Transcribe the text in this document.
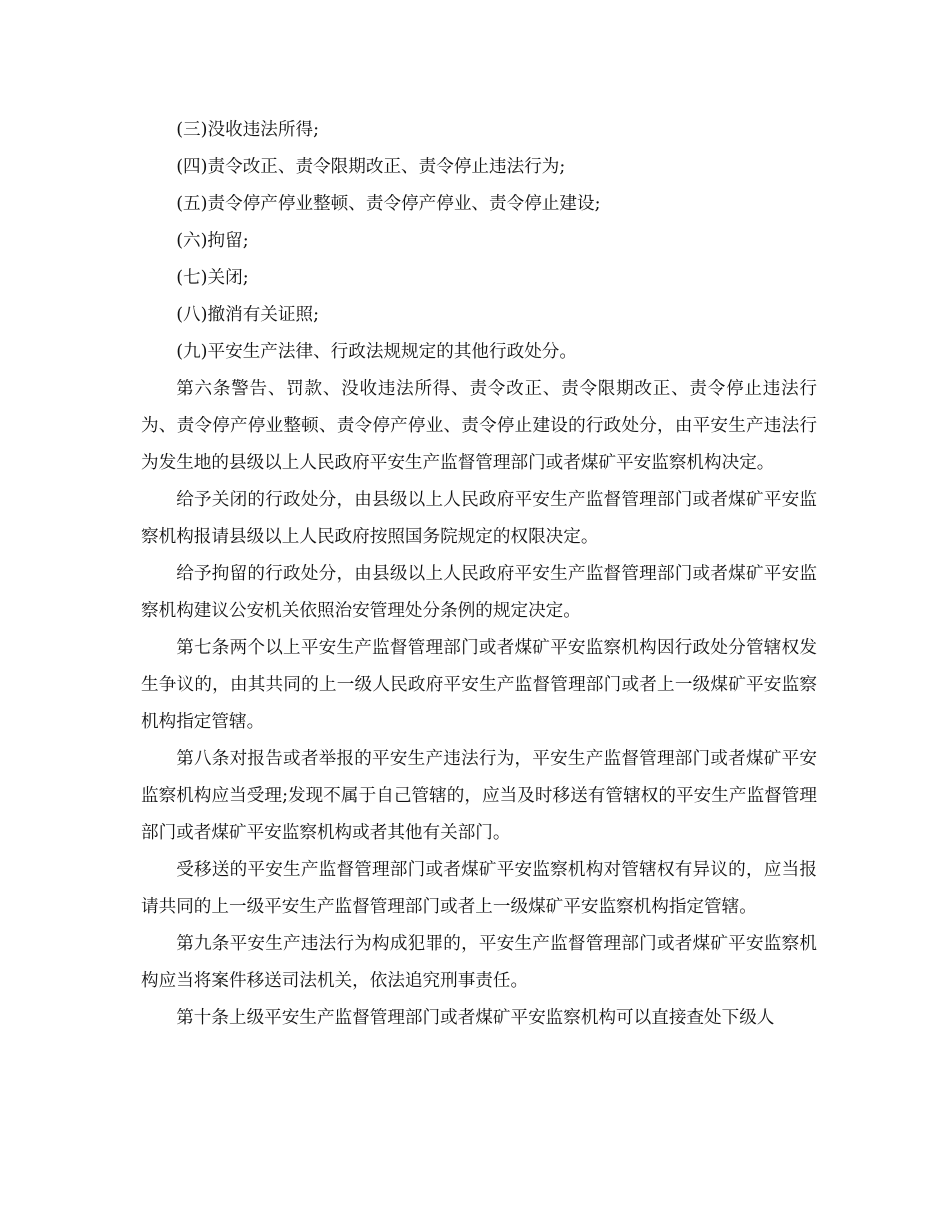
(三)没收违法所得;

(四)责令改正、责令限期改正、责令停止违法行为;

(五)责令停产停业整顿、责令停产停业、责令停止建设;

(六)拘留;

(七)关闭;

(八)撤消有关证照;

(九)平安生产法律、行政法规规定的其他行政处分。

第六条警告、罚款、没收违法所得、责令改正、责令限期改正、责令停止违法行为、责令停产停业整顿、责令停产停业、责令停止建设的行政处分，由平安生产违法行为发生地的县级以上人民政府平安生产监督管理部门或者煤矿平安监察机构决定。

给予关闭的行政处分，由县级以上人民政府平安生产监督管理部门或者煤矿平安监察机构报请县级以上人民政府按照国务院规定的权限决定。

给予拘留的行政处分，由县级以上人民政府平安生产监督管理部门或者煤矿平安监察机构建议公安机关依照治安管理处分条例的规定决定。

第七条两个以上平安生产监督管理部门或者煤矿平安监察机构因行政处分管辖权发生争议的，由其共同的上一级人民政府平安生产监督管理部门或者上一级煤矿平安监察机构指定管辖。

第八条对报告或者举报的平安生产违法行为，平安生产监督管理部门或者煤矿平安监察机构应当受理;发现不属于自己管辖的，应当及时移送有管辖权的平安生产监督管理部门或者煤矿平安监察机构或者其他有关部门。

受移送的平安生产监督管理部门或者煤矿平安监察机构对管辖权有异议的，应当报请共同的上一级平安生产监督管理部门或者上一级煤矿平安监察机构指定管辖。

第九条平安生产违法行为构成犯罪的，平安生产监督管理部门或者煤矿平安监察机构应当将案件移送司法机关，依法追究刑事责任。

第十条上级平安生产监督管理部门或者煤矿平安监察机构可以直接查处下级人
